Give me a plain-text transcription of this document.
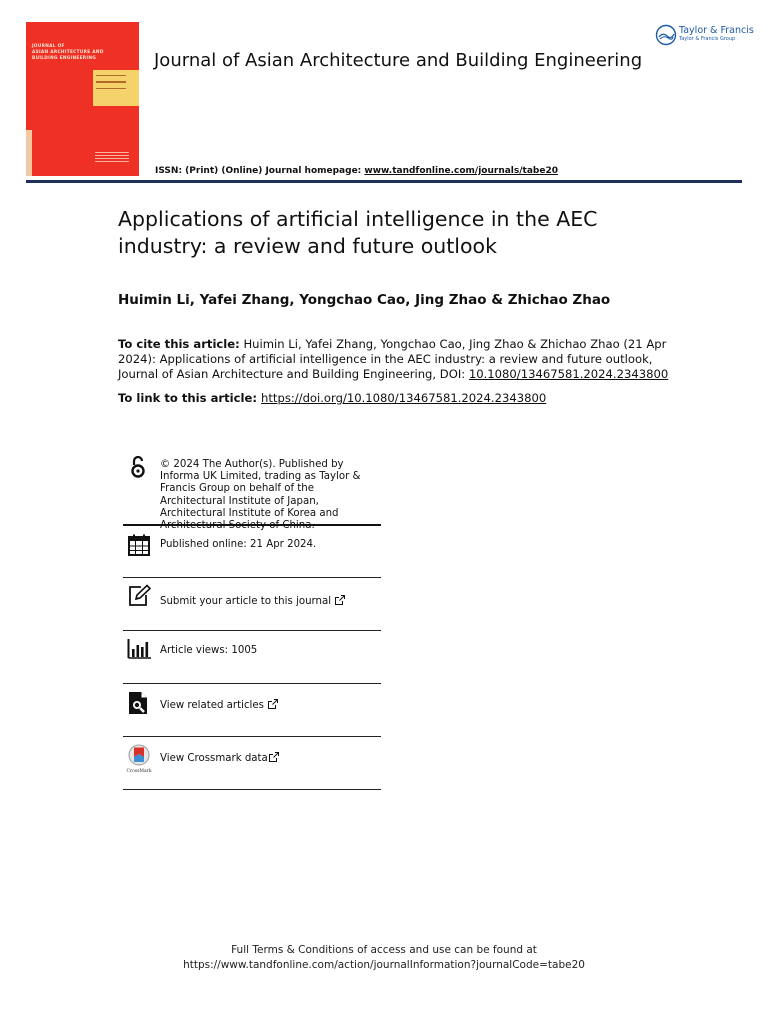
JOURNAL OF
ASIAN ARCHITECTURE AND
BUILDING ENGINEERING	Journal of Asian Architecture and Building Engineering
Taylor & Francis
Taylor & Francis Group
ISSN: (Print) (Online) Journal homepage: www.tandfonline.com/journals/tabe20
Applications of artificial intelligence in the AEC industry: a review and future outlook
Huimin Li, Yafei Zhang, Yongchao Cao, Jing Zhao & Zhichao Zhao
To cite this article: Huimin Li, Yafei Zhang, Yongchao Cao, Jing Zhao & Zhichao Zhao (21 Apr 2024): Applications of artificial intelligence in the AEC industry: a review and future outlook, Journal of Asian Architecture and Building Engineering, DOI: 10.1080/13467581.2024.2343800
To link to this article: https://doi.org/10.1080/13467581.2024.2343800
© 2024 The Author(s). Published by Informa UK Limited, trading as Taylor & Francis Group on behalf of the Architectural Institute of Japan, Architectural Institute of Korea and
Published online: 21 Apr 2024.
Submit your article to this journal
Article views: 1005
View related articles
CrossMark
View Crossmark data
Full Terms & Conditions of access and use can be found at
https://www.tandfonline.com/action/journalInformation?journalCode=tabe20
